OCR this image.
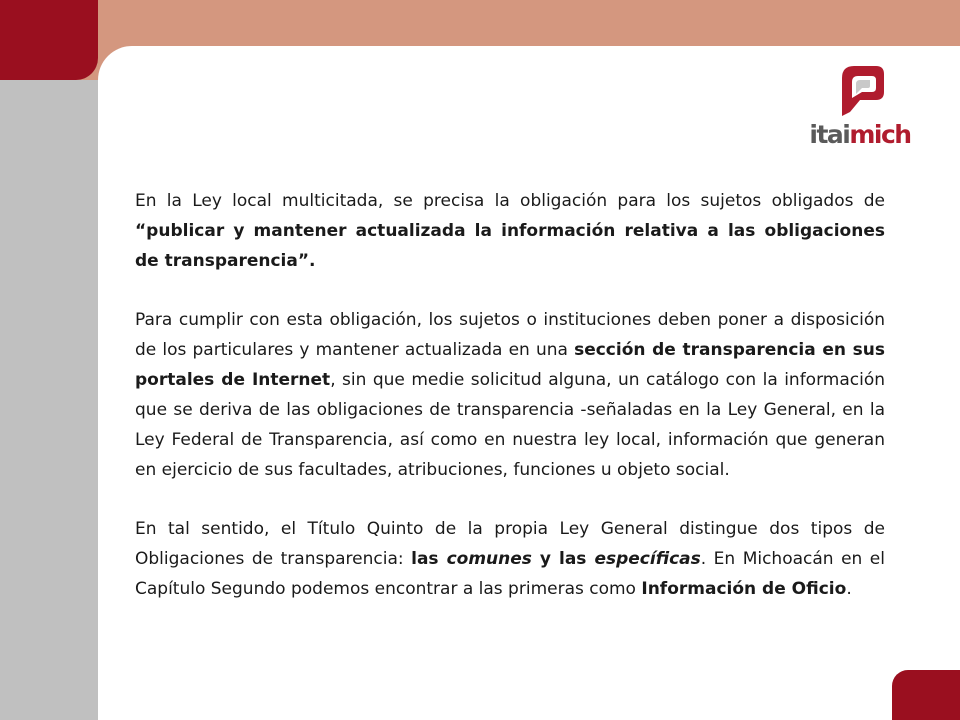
itaimich

En la Ley local multicitada, se precisa la obligación para los sujetos obligados de “publicar y mantener actualizada la información relativa a las obligaciones de transparencia”.

Para cumplir con esta obligación, los sujetos o instituciones deben poner a disposición de los particulares y mantener actualizada en una sección de transparencia en sus portales de Internet, sin que medie solicitud alguna, un catálogo con la información que se deriva de las obligaciones de transparencia -señaladas en la Ley General, en la Ley Federal de Transparencia, así como en nuestra ley local, información que generan en ejercicio de sus facultades, atribuciones, funciones u objeto social.

En tal sentido, el Título Quinto de la propia Ley General distingue dos tipos de Obligaciones de transparencia: las comunes y las específicas. En Michoacán en el Capítulo Segundo podemos encontrar a las primeras como Información de Oficio.
